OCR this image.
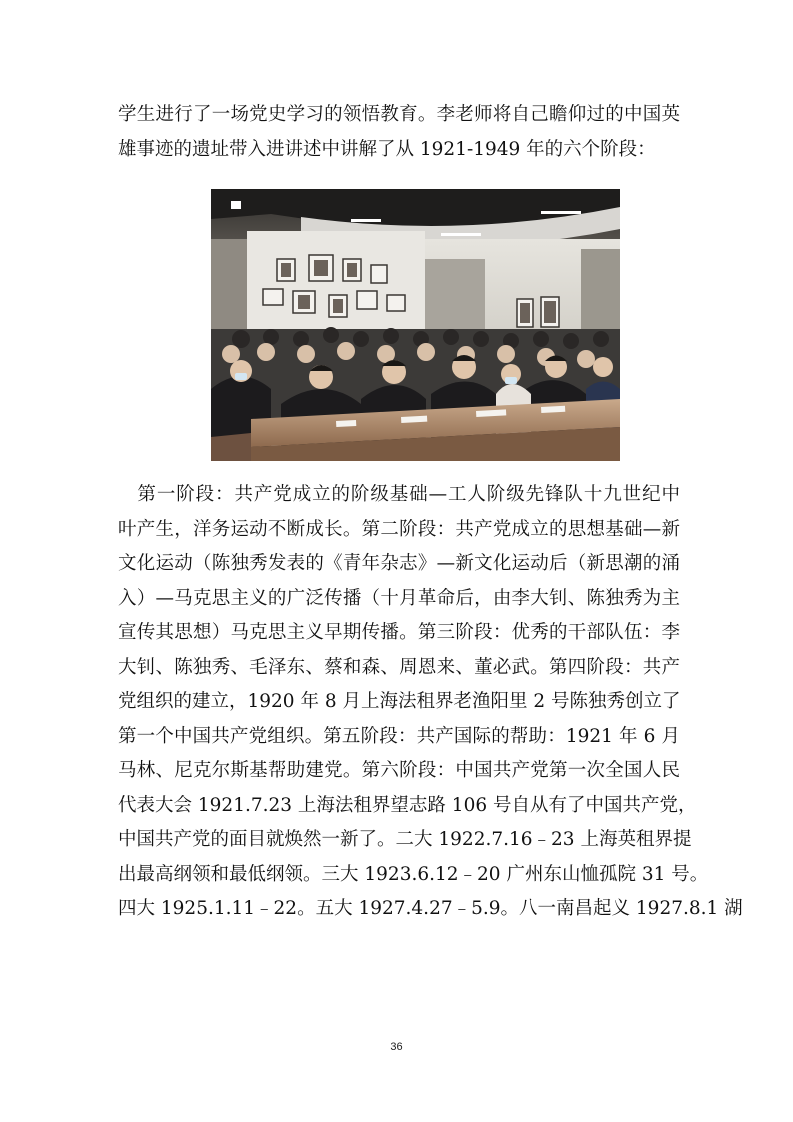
学生进行了一场党史学习的领悟教育。李老师将自己瞻仰过的中国英
雄事迹的遗址带入进讲述中讲解了从 1921-1949 年的六个阶段：
　第一阶段：共产党成立的阶级基础—工人阶级先锋队十九世纪中
叶产生，洋务运动不断成长。第二阶段：共产党成立的思想基础—新
文化运动（陈独秀发表的《青年杂志》—新文化运动后（新思潮的涌
入）—马克思主义的广泛传播（十月革命后，由李大钊、陈独秀为主
宣传其思想）马克思主义早期传播。第三阶段：优秀的干部队伍：李
大钊、陈独秀、毛泽东、蔡和森、周恩来、董必武。第四阶段：共产
党组织的建立，1920 年 8 月上海法租界老渔阳里 2 号陈独秀创立了
第一个中国共产党组织。第五阶段：共产国际的帮助：1921 年 6 月
马林、尼克尔斯基帮助建党。第六阶段：中国共产党第一次全国人民
代表大会 1921.7.23 上海法租界望志路 106 号自从有了中国共产党，
中国共产党的面目就焕然一新了。二大 1922.7.16﹣23 上海英租界提
出最高纲领和最低纲领。三大 1923.6.12﹣20 广州东山恤孤院 31 号。
四大 1925.1.11﹣22。五大 1927.4.27﹣5.9。八一南昌起义 1927.8.1 湖
36
